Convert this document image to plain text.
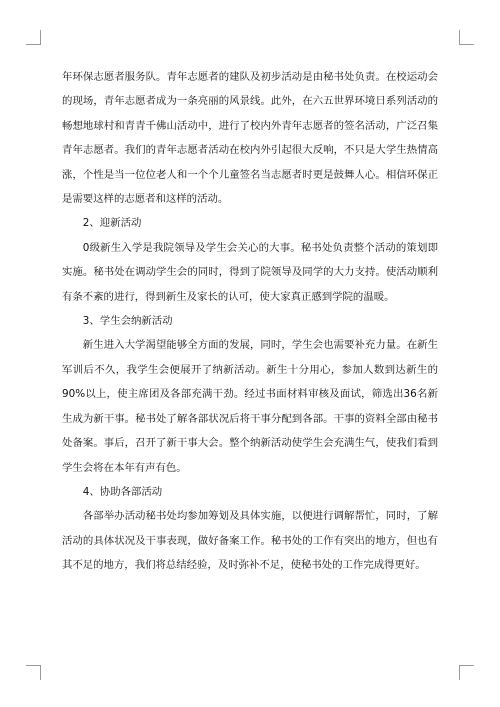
年环保志愿者服务队。青年志愿者的建队及初步活动是由秘书处负责。在校运动会的现场，青年志愿者成为一条亮丽的风景线。此外，在六五世界环境日系列活动的畅想地球村和青青千佛山活动中，进行了校内外青年志愿者的签名活动，广泛召集青年志愿者。我们的青年志愿者活动在校内外引起很大反响，不只是大学生热情高涨，个性是当一位位老人和一个个儿童签名当志愿者时更是鼓舞人心。相信环保正是需要这样的志愿者和这样的活动。

2、迎新活动

0级新生入学是我院领导及学生会关心的大事。秘书处负责整个活动的策划即实施。秘书处在调动学生会的同时，得到了院领导及同学的大力支持。使活动顺利有条不紊的进行，得到新生及家长的认可，使大家真正感到学院的温暖。

3、学生会纳新活动

新生进入大学渴望能够全方面的发展，同时，学生会也需要补充力量。在新生军训后不久，我学生会便展开了纳新活动。新生十分用心，参加人数到达新生的90%以上，使主席团及各部充满干劲。经过书面材料审核及面试，筛选出36名新生成为新干事。秘书处了解各部状况后将干事分配到各部。干事的资料全部由秘书处备案。事后，召开了新干事大会。整个纳新活动使学生会充满生气，使我们看到学生会将在本年有声有色。

4、协助各部活动

各部举办活动秘书处均参加筹划及具体实施，以便进行调解帮忙，同时，了解活动的具体状况及干事表现，做好备案工作。秘书处的工作有突出的地方，但也有其不足的地方，我们将总结经验，及时弥补不足，使秘书处的工作完成得更好。
